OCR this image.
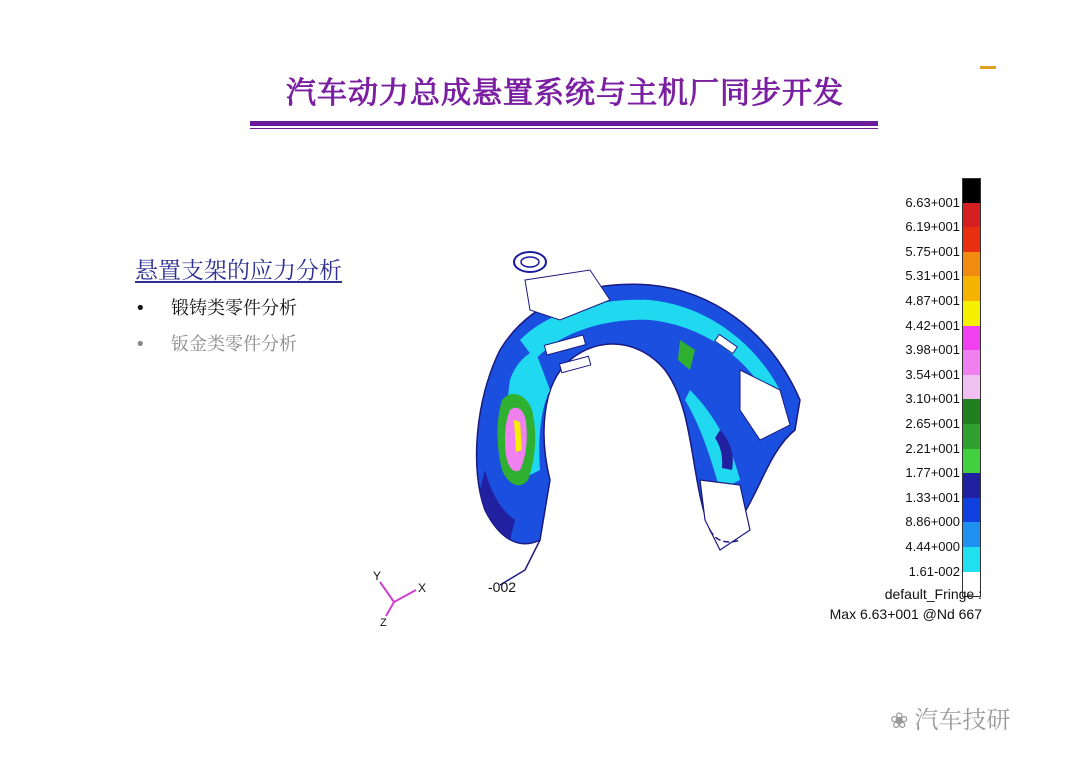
汽车动力总成悬置系统与主机厂同步开发
悬置支架的应力分析
• 锻铸类零件分析
• 钣金类零件分析
6.63+001
6.19+001
5.75+001
5.31+001
4.87+001
4.42+001
3.98+001
3.54+001
3.10+001
2.65+001
2.21+001
1.77+001
1.33+001
8.86+000
4.44+000
1.61-002
default_Fringe :
Max 6.63+001 @Nd 667
Y
X
Z
-002
❀ 汽车技研
